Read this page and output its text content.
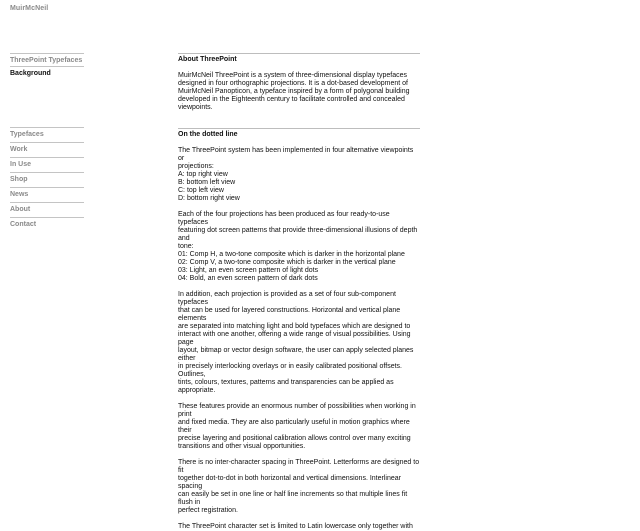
MuirMcNeil
ThreePoint Typefaces
Background
Typefaces
Work
In Use
Shop
News
About
Contact
About ThreePoint

MuirMcNeil ThreePoint is a system of three-dimensional display typefaces
designed in four orthographic projections. It is a dot-based development of
MuirMcNeil Panopticon, a typeface inspired by a form of polygonal building
developed in the Eighteenth century to facilitate controlled and concealed
viewpoints.

On the dotted line

The ThreePoint system has been implemented in four alternative viewpoints or
projections:
A: top right view
B: bottom left view
C: top left view
D: bottom right view

Each of the four projections has been produced as four ready-to-use typefaces
featuring dot screen patterns that provide three-dimensional illusions of depth and
tone:
01: Comp H, a two-tone composite which is darker in the horizontal plane
02: Comp V, a two-tone composite which is darker in the vertical plane
03: Light, an even screen pattern of light dots
04: Bold, an even screen pattern of dark dots

In addition, each projection is provided as a set of four sub-component typefaces
that can be used for layered constructions. Horizontal and vertical plane elements
are separated into matching light and bold typefaces which are designed to
interact with one another, offering a wide range of visual possibilities. Using page
layout, bitmap or vector design software, the user can apply selected planes either
in precisely interlocking overlays or in easily calibrated positional offsets. Outlines,
tints, colours, textures, patterns and transparencies can be applied as appropriate.

These features provide an enormous number of possibilities when working in print
and fixed media. They are also particularly useful in motion graphics where their
precise layering and positional calibration allows control over many exciting
transitions and other visual opportunities.

There is no inter-character spacing in ThreePoint. Letterforms are designed to fit
together dot-to-dot in both horizontal and vertical dimensions. Interlinear spacing
can easily be set in one line or half line increments so that multiple lines fit flush in
perfect registration.

The ThreePoint character set is limited to Latin lowercase only together with
